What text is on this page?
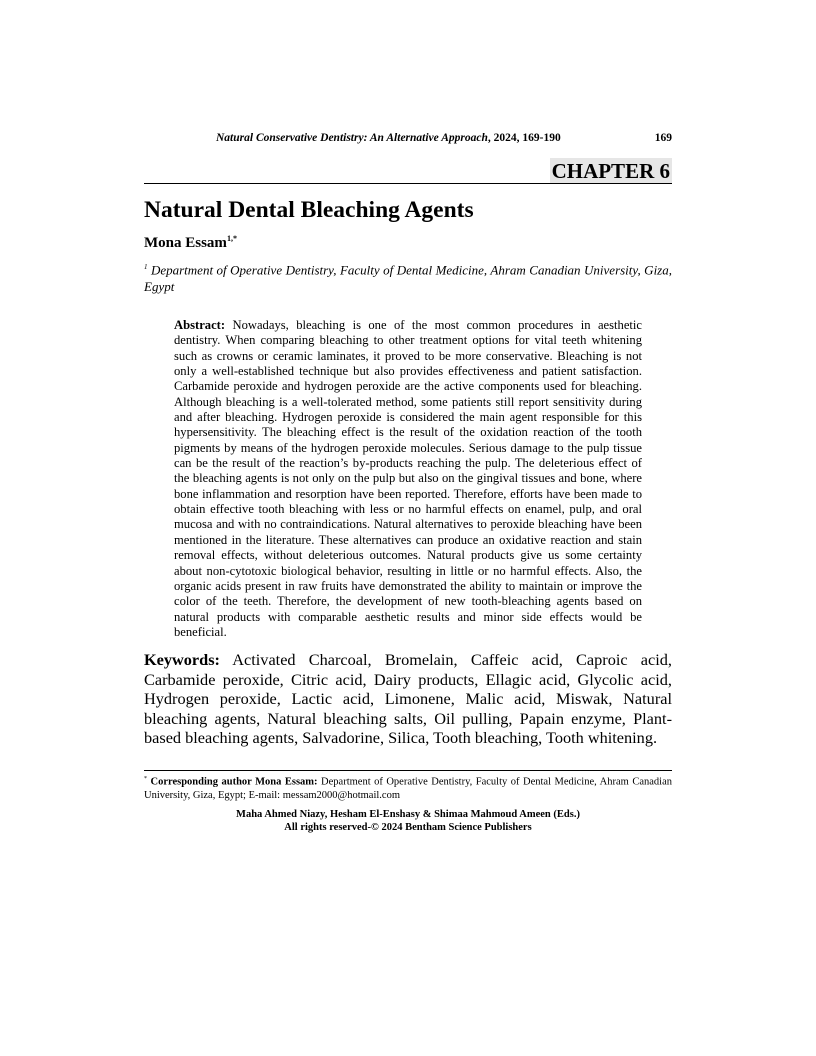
Natural Conservative Dentistry: An Alternative Approach, 2024, 169-190	169
CHAPTER 6
Natural Dental Bleaching Agents
Mona Essam$^{1,*}$
$^1$ Department of Operative Dentistry, Faculty of Dental Medicine, Ahram Canadian University, Giza, Egypt
Abstract: Nowadays, bleaching is one of the most common procedures in aesthetic dentistry. When comparing bleaching to other treatment options for vital teeth whitening such as crowns or ceramic laminates, it proved to be more conservative. Bleaching is not only a well-established technique but also provides effectiveness and patient satisfaction. Carbamide peroxide and hydrogen peroxide are the active components used for bleaching. Although bleaching is a well-tolerated method, some patients still report sensitivity during and after bleaching. Hydrogen peroxide is considered the main agent responsible for this hypersensitivity. The bleaching effect is the result of the oxidation reaction of the tooth pigments by means of the hydrogen peroxide molecules. Serious damage to the pulp tissue can be the result of the reaction’s by-products reaching the pulp. The deleterious effect of the bleaching agents is not only on the pulp but also on the gingival tissues and bone, where bone inflammation and resorption have been reported. Therefore, efforts have been made to obtain effective tooth bleaching with less or no harmful effects on enamel, pulp, and oral mucosa and with no contraindications. Natural alternatives to peroxide bleaching have been mentioned in the literature. These alternatives can produce an oxidative reaction and stain removal effects, without deleterious outcomes. Natural products give us some certainty about non-cytotoxic biological behavior, resulting in little or no harmful effects. Also, the organic acids present in raw fruits have demonstrated the ability to maintain or improve the color of the teeth. Therefore, the development of new tooth-bleaching agents based on natural products with comparable aesthetic results and minor side effects would be beneficial.
Keywords: Activated Charcoal, Bromelain, Caffeic acid, Caproic acid, Carbamide peroxide, Citric acid, Dairy products, Ellagic acid, Glycolic acid, Hydrogen peroxide, Lactic acid, Limonene, Malic acid, Miswak, Natural bleaching agents, Natural bleaching salts, Oil pulling, Papain enzyme, Plant-based bleaching agents, Salvadorine, Silica, Tooth bleaching, Tooth whitening.
* Corresponding author Mona Essam: Department of Operative Dentistry, Faculty of Dental Medicine, Ahram Canadian University, Giza, Egypt; E-mail: messam2000@hotmail.com
Maha Ahmed Niazy, Hesham El-Enshasy & Shimaa Mahmoud Ameen (Eds.)
All rights reserved-© 2024 Bentham Science Publishers
